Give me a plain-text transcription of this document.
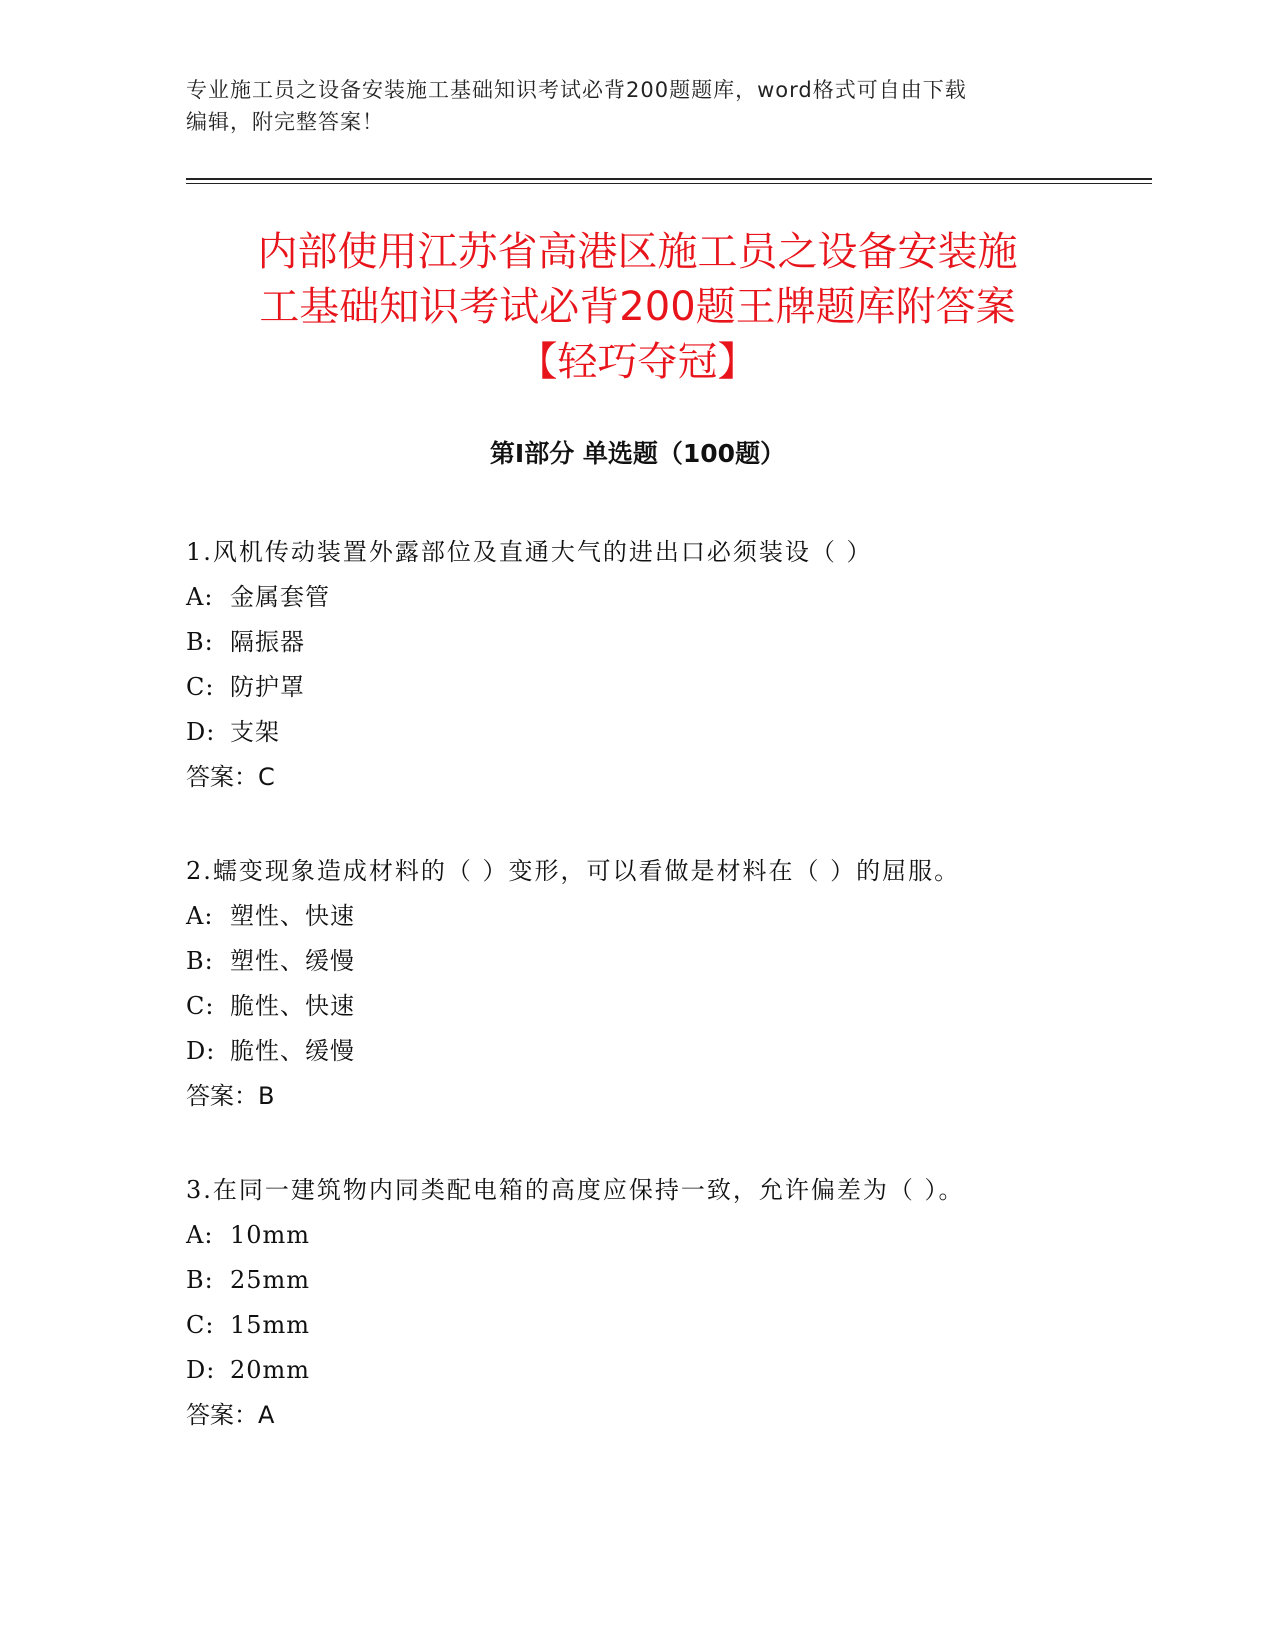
专业施工员之设备安装施工基础知识考试必背200题题库，word格式可自由下载
编辑，附完整答案！
内部使用江苏省高港区施工员之设备安装施
工基础知识考试必背200题王牌题库附答案
【轻巧夺冠】
第Ⅰ部分 单选题（100题）
1.风机传动装置外露部位及直通大气的进出口必须装设（ ）
A: 金属套管
B: 隔振器
C: 防护罩
D: 支架
答案：C
2.蠕变现象造成材料的（ ）变形，可以看做是材料在（ ）的屈服。
A: 塑性、快速
B: 塑性、缓慢
C: 脆性、快速
D: 脆性、缓慢
答案：B
3.在同一建筑物内同类配电箱的高度应保持一致，允许偏差为（ ）。
A: 10mm
B: 25mm
C: 15mm
D: 20mm
答案：A
